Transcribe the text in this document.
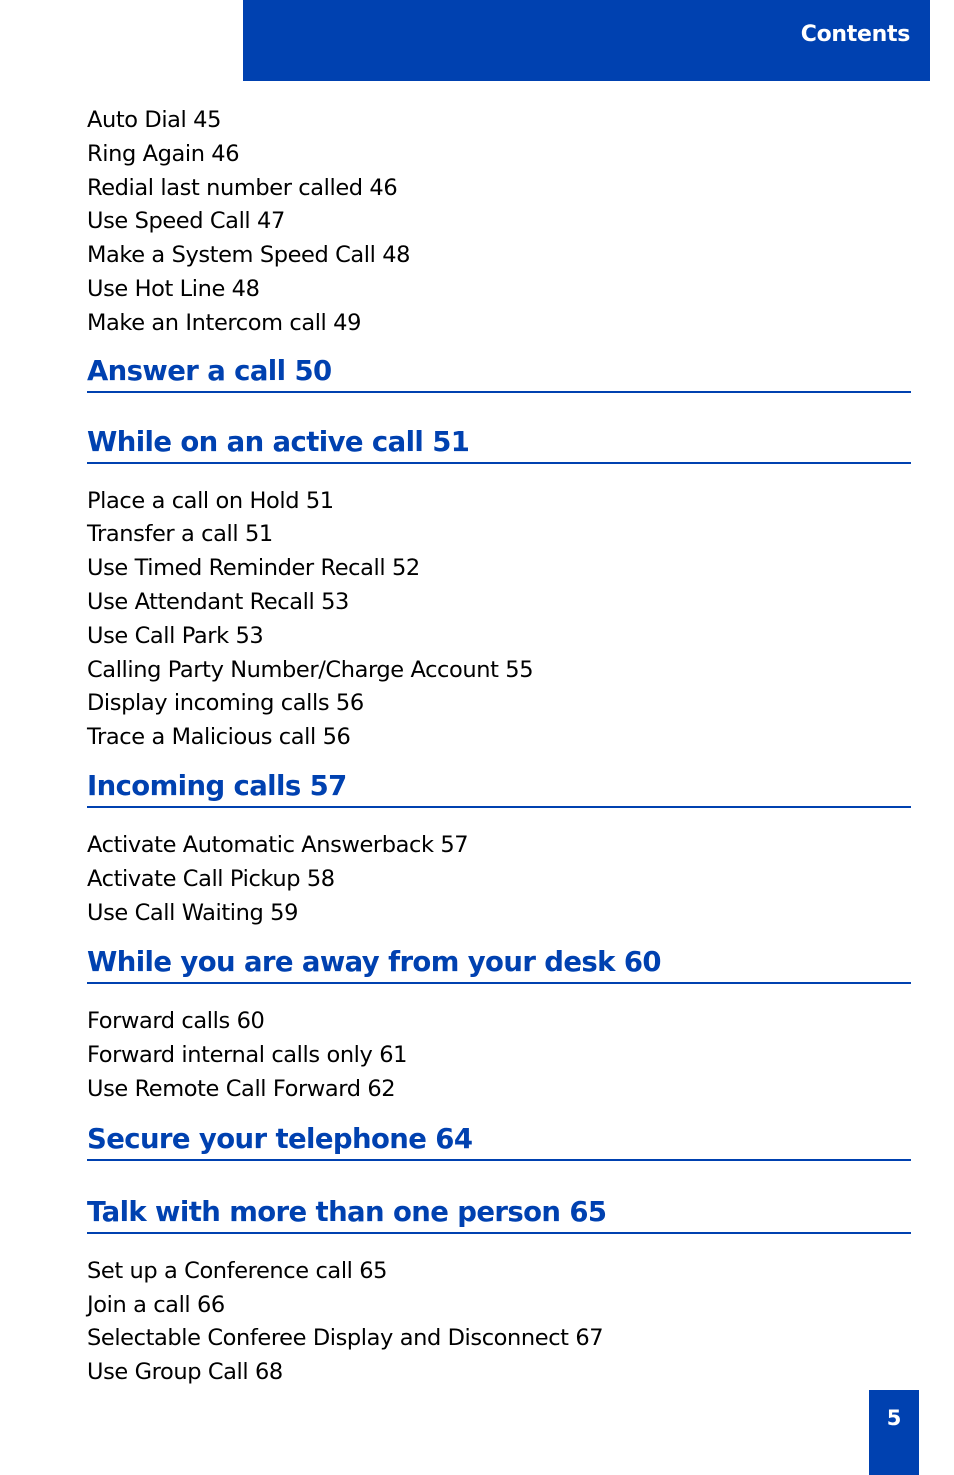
Contents
Auto Dial 45
Ring Again 46
Redial last number called 46
Use Speed Call 47
Make a System Speed Call 48
Use Hot Line 48
Make an Intercom call 49
Answer a call 50
While on an active call 51
Place a call on Hold 51
Transfer a call 51
Use Timed Reminder Recall 52
Use Attendant Recall 53
Use Call Park 53
Calling Party Number/Charge Account 55
Display incoming calls 56
Trace a Malicious call 56
Incoming calls 57
Activate Automatic Answerback 57
Activate Call Pickup 58
Use Call Waiting 59
While you are away from your desk 60
Forward calls 60
Forward internal calls only 61
Use Remote Call Forward 62
Secure your telephone 64
Talk with more than one person 65
Set up a Conference call 65
Join a call 66
Selectable Conferee Display and Disconnect 67
Use Group Call 68
5
